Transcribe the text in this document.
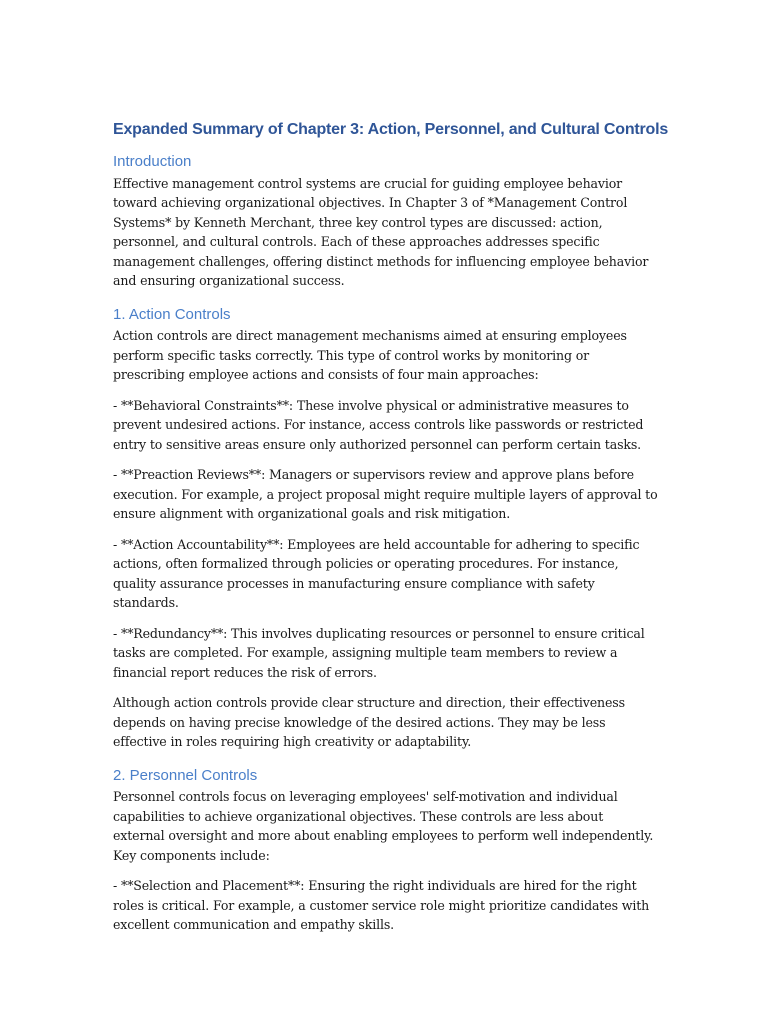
Expanded Summary of Chapter 3: Action, Personnel, and Cultural Controls
Introduction

Effective management control systems are crucial for guiding employee behavior toward achieving organizational objectives. In Chapter 3 of *Management Control Systems* by Kenneth Merchant, three key control types are discussed: action, personnel, and cultural controls. Each of these approaches addresses specific management challenges, offering distinct methods for influencing employee behavior and ensuring organizational success.

1. Action Controls

Action controls are direct management mechanisms aimed at ensuring employees perform specific tasks correctly. This type of control works by monitoring or prescribing employee actions and consists of four main approaches:

- **Behavioral Constraints**: These involve physical or administrative measures to prevent undesired actions. For instance, access controls like passwords or restricted entry to sensitive areas ensure only authorized personnel can perform certain tasks.

- **Preaction Reviews**: Managers or supervisors review and approve plans before execution. For example, a project proposal might require multiple layers of approval to ensure alignment with organizational goals and risk mitigation.

- **Action Accountability**: Employees are held accountable for adhering to specific actions, often formalized through policies or operating procedures. For instance, quality assurance processes in manufacturing ensure compliance with safety standards.

- **Redundancy**: This involves duplicating resources or personnel to ensure critical tasks are completed. For example, assigning multiple team members to review a financial report reduces the risk of errors.

Although action controls provide clear structure and direction, their effectiveness depends on having precise knowledge of the desired actions. They may be less effective in roles requiring high creativity or adaptability.

2. Personnel Controls

Personnel controls focus on leveraging employees' self-motivation and individual capabilities to achieve organizational objectives. These controls are less about external oversight and more about enabling employees to perform well independently. Key components include:

- **Selection and Placement**: Ensuring the right individuals are hired for the right roles is critical. For example, a customer service role might prioritize candidates with excellent communication and empathy skills.
